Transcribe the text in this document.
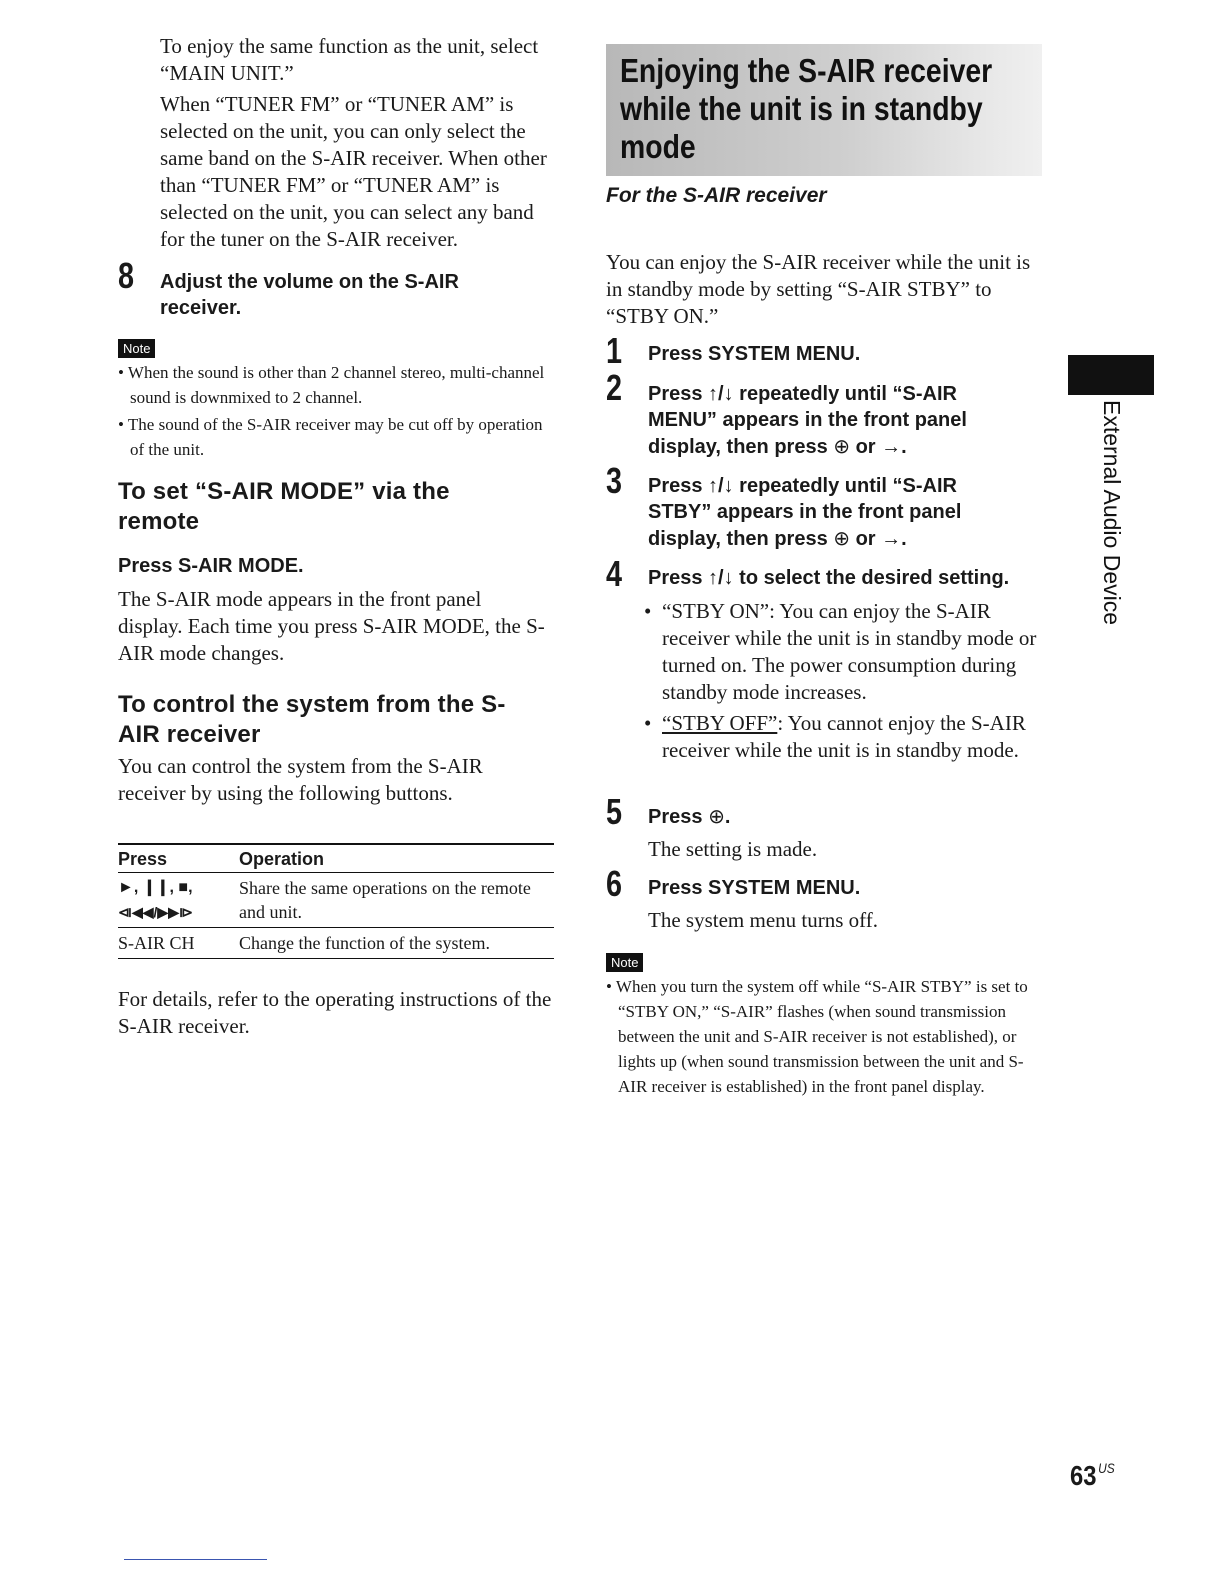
To enjoy the same function as the unit, select “MAIN UNIT.”
When “TUNER FM” or “TUNER AM” is selected on the unit, you can only select the same band on the S-AIR receiver. When other than “TUNER FM” or “TUNER AM” is selected on the unit, you can select any band for the tuner on the S-AIR receiver.
8 Adjust the volume on the S-AIR receiver.
Note

• When the sound is other than 2 channel stereo, multi-channel sound is downmixed to 2 channel.

• The sound of the S-AIR receiver may be cut off by operation of the unit.

To set “S-AIR MODE” via the remote
Press S-AIR MODE.
The S-AIR mode appears in the front panel display. Each time you press S-AIR MODE, the S-AIR mode changes.
To control the system from the S-AIR receiver
You can control the system from the S-AIR receiver by using the following buttons.
Press	Operation

►, ❙❙, ■,
⧏◀◀/▶▶⧐	Share the same operations on the remote and unit.
S-AIR CH	Change the function of the system.
For details, refer to the operating instructions of the S-AIR receiver.
Enjoying the S-AIR receiver
while the unit is in standby
mode
For the S-AIR receiver
You can enjoy the S-AIR receiver while the unit is in standby mode by setting “S-AIR STBY” to “STBY ON.”
1 Press SYSTEM MENU.
2 Press ↑/↓ repeatedly until “S-AIR
MENU” appears in the front panel
display, then press ⊕ or →.
3 Press ↑/↓ repeatedly until “S-AIR
STBY” appears in the front panel
display, then press ⊕ or →.
4 Press ↑/↓ to select the desired setting.
• “STBY ON”: You can enjoy the S-AIR receiver while the unit is in standby mode or turned on. The power consumption during standby mode increases.
• “STBY OFF”: You cannot enjoy the S-AIR receiver while the unit is in standby mode.
5 Press ⊕.
The setting is made.
6 Press SYSTEM MENU.
The system menu turns off.
Note

• When you turn the system off while “S-AIR STBY” is set to “STBY ON,” “S-AIR” flashes (when sound transmission between the unit and S-AIR receiver is not established), or lights up (when sound transmission between the unit and S-AIR receiver is established) in the front panel display.

External Audio Device
63 $^{US}$
